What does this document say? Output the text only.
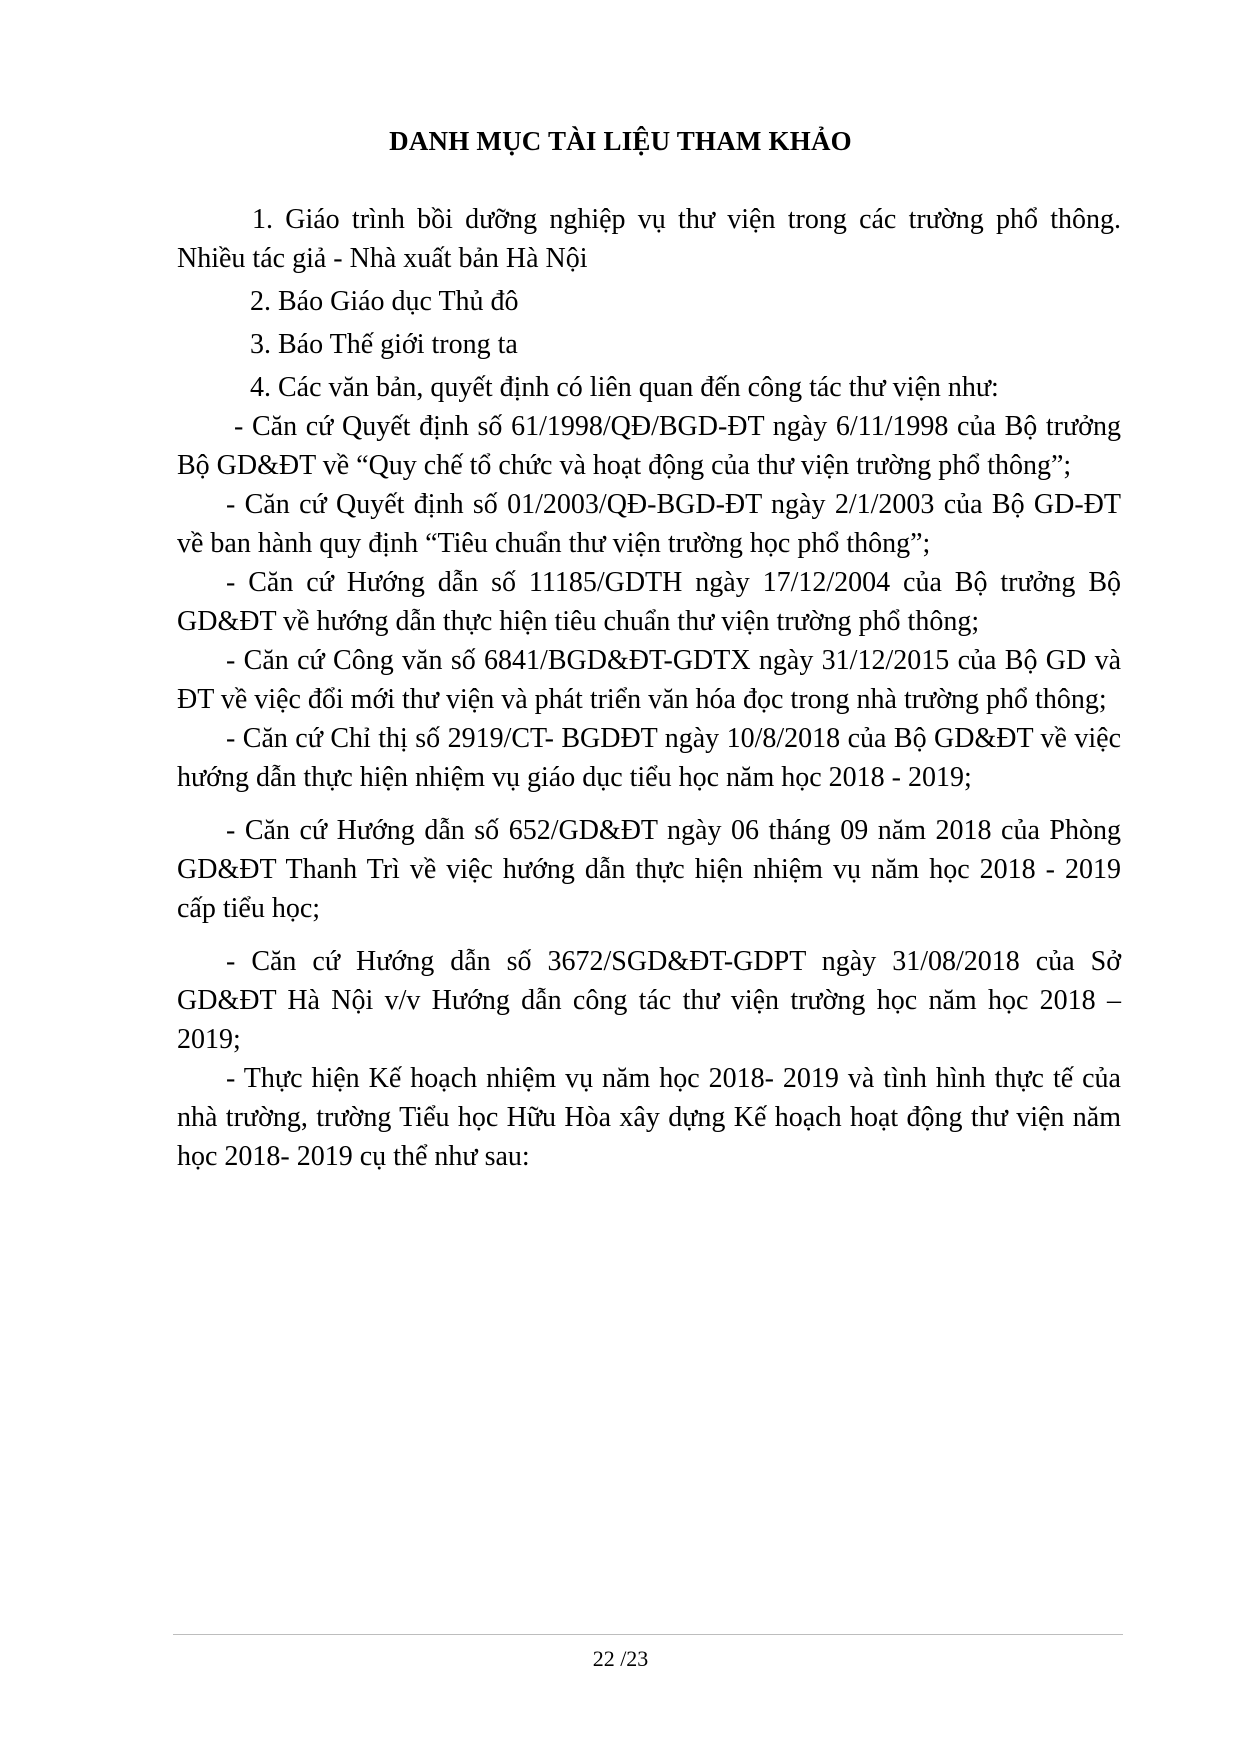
DANH MỤC TÀI LIỆU THAM KHẢO

1. Giáo trình bồi dưỡng nghiệp vụ thư viện trong các trường phổ thông. Nhiều tác giả - Nhà xuất bản Hà Nội

2. Báo Giáo dục Thủ đô

3. Báo Thế giới trong ta

4. Các văn bản, quyết định có liên quan đến công tác thư viện như:

- Căn cứ Quyết định số 61/1998/QĐ/BGD-ĐT ngày 6/11/1998 của Bộ trưởng Bộ GD&ĐT về “Quy chế tổ chức và hoạt động của thư viện trường phổ thông”;

- Căn cứ Quyết định số 01/2003/QĐ-BGD-ĐT ngày 2/1/2003 của Bộ GD-ĐT về ban hành quy định “Tiêu chuẩn thư viện trường học phổ thông”;

- Căn cứ Hướng dẫn số 11185/GDTH ngày 17/12/2004 của Bộ trưởng Bộ GD&ĐT về hướng dẫn thực hiện tiêu chuẩn thư viện trường phổ thông;

- Căn cứ Công văn số 6841/BGD&ĐT-GDTX ngày 31/12/2015 của Bộ GD và ĐT về việc đổi mới thư viện và phát triển văn hóa đọc trong nhà trường phổ thông;

- Căn cứ Chỉ thị số 2919/CT- BGDĐT ngày 10/8/2018 của Bộ GD&ĐT về việc hướng dẫn thực hiện nhiệm vụ giáo dục tiểu học năm học 2018 - 2019;

- Căn cứ Hướng dẫn số 652/GD&ĐT ngày 06 tháng 09 năm 2018 của Phòng GD&ĐT Thanh Trì về việc hướng dẫn thực hiện nhiệm vụ năm học 2018 - 2019 cấp tiểu học;

- Căn cứ Hướng dẫn số 3672/SGD&ĐT-GDPT ngày 31/08/2018 của Sở GD&ĐT Hà Nội v/v Hướng dẫn công tác thư viện trường học năm học 2018 – 2019;

- Thực hiện Kế hoạch nhiệm vụ năm học 2018- 2019 và tình hình thực tế của nhà trường, trường Tiểu học Hữu Hòa xây dựng Kế hoạch hoạt động thư viện năm học 2018- 2019 cụ thể như sau:

22 /23
